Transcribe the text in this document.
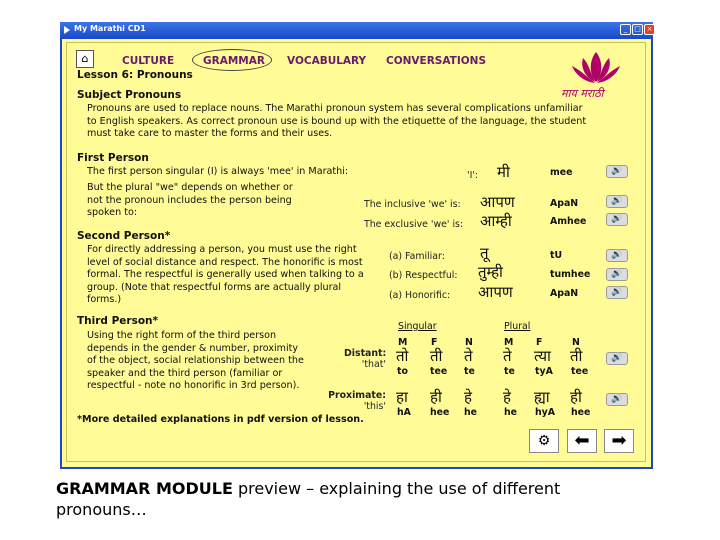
My Marathi CD1	_ □ ×
⌂	CULTURE	GRAMMAR VOCABULARY CONVERSATIONS
माय मराठी
Lesson 6: Pronouns
Subject Pronouns
Pronouns are used to replace nouns. The Marathi pronoun system has several complications unfamiliar
to English speakers. As correct pronoun use is bound up with the etiquette of the language, the student
must take care to master the forms and their uses.
First Person
The first person singular (I) is always 'mee' in Marathi:
But the plural "we" depends on whether or
not the pronoun includes the person being
spoken to:
'I': मी	mee	🔊
The inclusive 'we' is: आपण	ApaN	🔊
The exclusive 'we' is: आम्ही	Amhee	🔊
Second Person*
For directly addressing a person, you must use the right
level of social distance and respect. The honorific is most
formal. The respectful is generally used when talking to a
group. (Note that respectful forms are actually plural
forms.)
(a) Familiar: तू	tU	🔊
(b) Respectful: तुम्ही	tumhee	🔊
(a) Honorific: आपण	ApaN	🔊
Third Person*
Using the right form of the third person
depends in the gender & number, proximity
of the object, social relationship between the
speaker and the third person (familiar or
respectful - note no honorific in 3rd person).
Singular	Plural
M	F	N	M F	N
Distant:
'that' तो ती ते ते त्या ती
to tee te	te tyA tee
🔊
Proximate:
'this'
हा ही हे हे ह्या ही
hA hee he	he hyA hee
🔊
*More detailed explanations in pdf version of lesson.
⚙	⬅	➡
GRAMMAR MODULE preview – explaining the use of different
pronouns…
